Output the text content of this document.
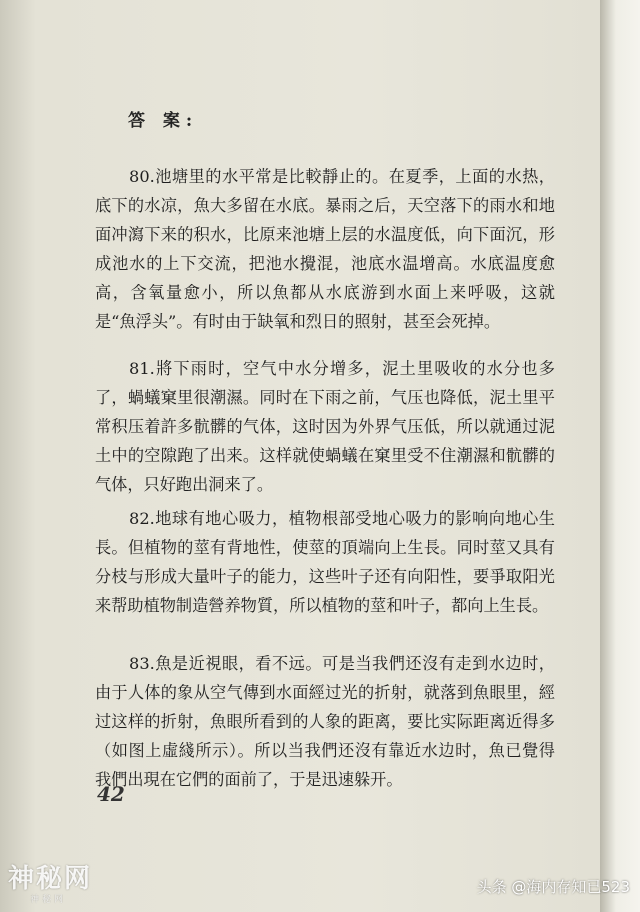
答 案:

80.池塘里的水平常是比較靜止的。在夏季，上面的水热，底下的水凉，魚大多留在水底。暴雨之后，天空落下的雨水和地面冲瀉下来的积水，比原来池塘上层的水温度低，向下面沉，形成池水的上下交流，把池水攪混，池底水温增高。水底温度愈高，含氧量愈小，所以魚都从水底游到水面上来呼吸，这就是“魚浮头”。有时由于缺氧和烈日的照射，甚至会死掉。

81.將下雨时，空气中水分增多，泥土里吸收的水分也多了，蝸蟻窠里很潮濕。同时在下雨之前，气压也降低，泥土里平常积压着許多骯髒的气体，这时因为外界气压低，所以就通过泥土中的空隙跑了出来。这样就使蝸蟻在窠里受不住潮濕和骯髒的气体，只好跑出洞来了。

82.地球有地心吸力，植物根部受地心吸力的影响向地心生長。但植物的莖有背地性，使莖的頂端向上生長。同时莖又具有分枝与形成大量叶子的能力，这些叶子还有向阳性，要爭取阳光来帮助植物制造營养物質，所以植物的莖和叶子，都向上生長。

83.魚是近視眼，看不远。可是当我們还沒有走到水边时，由于人体的象从空气傳到水面經过光的折射，就落到魚眼里，經过这样的折射，魚眼所看到的人象的距离，要比实际距离近得多（如图上虛綫所示）。所以当我們还沒有靠近水边时，魚已覺得我們出現在它們的面前了，于是迅速躲开。

42
神秘网
神秘网
头条 @海内存知已523
